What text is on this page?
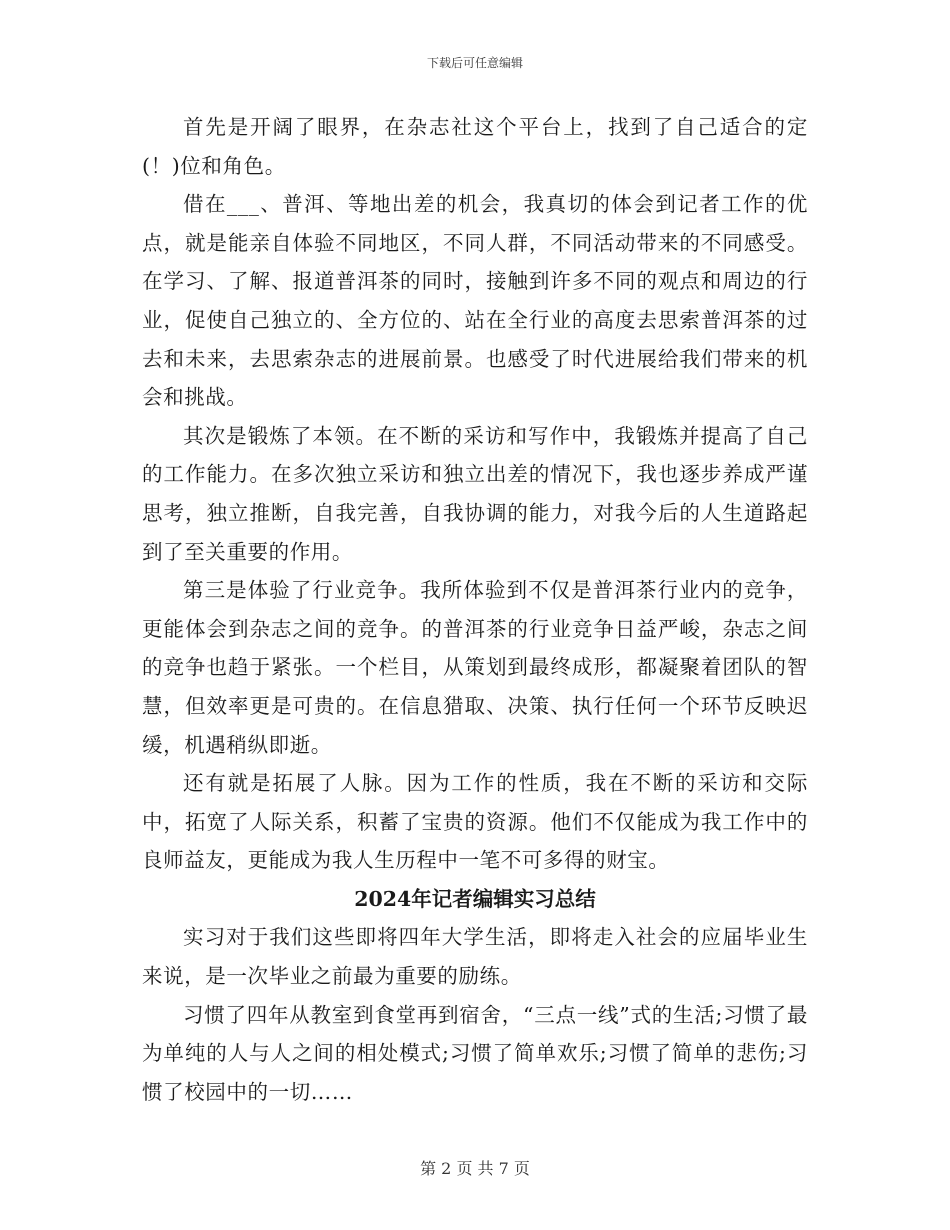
下载后可任意编辑

首先是开阔了眼界，在杂志社这个平台上，找到了自己适合的定(！)位和角色。

借在___、普洱、等地出差的机会，我真切的体会到记者工作的优点，就是能亲自体验不同地区，不同人群，不同活动带来的不同感受。在学习、了解、报道普洱茶的同时，接触到许多不同的观点和周边的行业，促使自己独立的、全方位的、站在全行业的高度去思索普洱茶的过去和未来，去思索杂志的进展前景。也感受了时代进展给我们带来的机会和挑战。

其次是锻炼了本领。在不断的采访和写作中，我锻炼并提高了自己的工作能力。在多次独立采访和独立出差的情况下，我也逐步养成严谨思考，独立推断，自我完善，自我协调的能力，对我今后的人生道路起到了至关重要的作用。

第三是体验了行业竞争。我所体验到不仅是普洱茶行业内的竞争，更能体会到杂志之间的竞争。的普洱茶的行业竞争日益严峻，杂志之间的竞争也趋于紧张。一个栏目，从策划到最终成形，都凝聚着团队的智慧，但效率更是可贵的。在信息猎取、决策、执行任何一个环节反映迟缓，机遇稍纵即逝。

还有就是拓展了人脉。因为工作的性质，我在不断的采访和交际中，拓宽了人际关系，积蓄了宝贵的资源。他们不仅能成为我工作中的良师益友，更能成为我人生历程中一笔不可多得的财宝。

2024年记者编辑实习总结

实习对于我们这些即将四年大学生活，即将走入社会的应届毕业生来说，是一次毕业之前最为重要的励练。

习惯了四年从教室到食堂再到宿舍，“三点一线”式的生活;习惯了最为单纯的人与人之间的相处模式;习惯了简单欢乐;习惯了简单的悲伤;习惯了校园中的一切……

第 2 页 共 7 页
